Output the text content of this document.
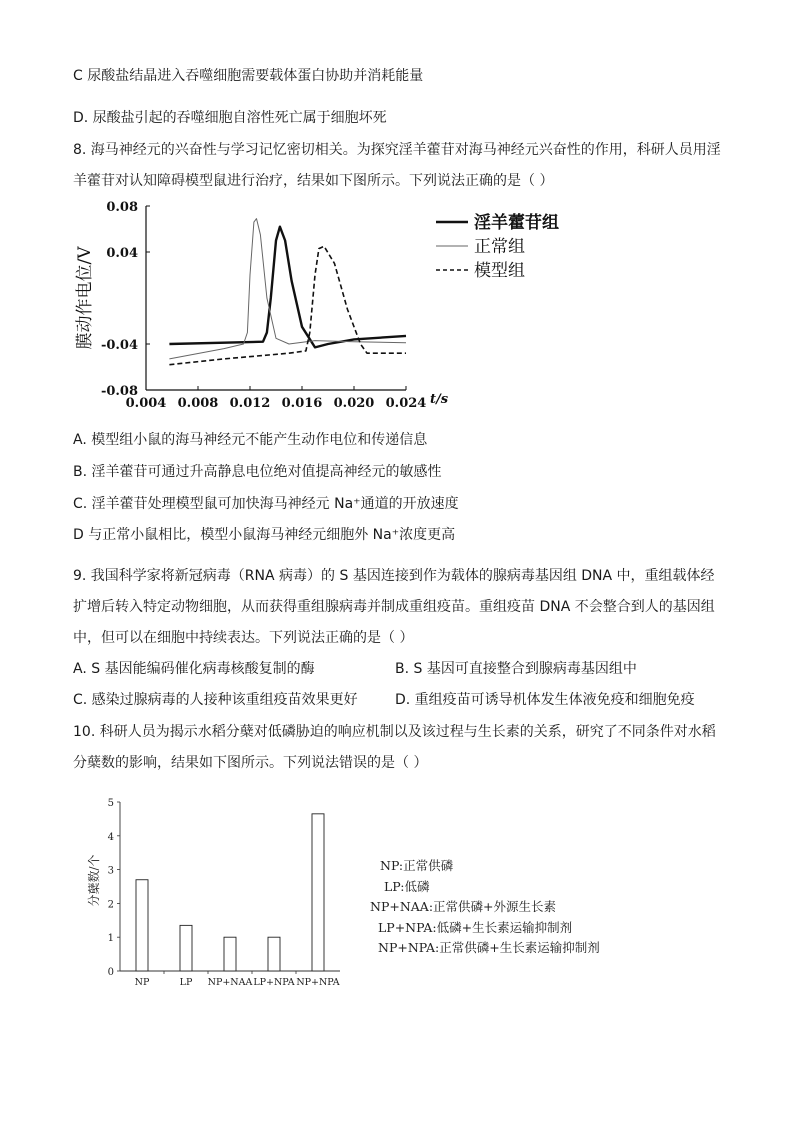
C 尿酸盐结晶进入吞噬细胞需要载体蛋白协助并消耗能量
D. 尿酸盐引起的吞噬细胞自溶性死亡属于细胞坏死
8. 海马神经元的兴奋性与学习记忆密切相关。为探究淫羊藿苷对海马神经元兴奋性的作用，科研人员用淫
羊藿苷对认知障碍模型鼠进行治疗，结果如下图所示。下列说法正确的是（ ）
0.004 0.008 0.012 0.016 0.020 0.024
0.08
0.04
-0.04
-0.08
膜动作电位/V
t/s
淫羊藿苷组
正常组
模型组
A. 模型组小鼠的海马神经元不能产生动作电位和传递信息
B. 淫羊藿苷可通过升高静息电位绝对值提高神经元的敏感性
C. 淫羊藿苷处理模型鼠可加快海马神经元 Na⁺通道的开放速度
D 与正常小鼠相比，模型小鼠海马神经元细胞外 Na⁺浓度更高
9. 我国科学家将新冠病毒（RNA 病毒）的 S 基因连接到作为载体的腺病毒基因组 DNA 中，重组载体经
扩增后转入特定动物细胞，从而获得重组腺病毒并制成重组疫苗。重组疫苗 DNA 不会整合到人的基因组
中，但可以在细胞中持续表达。下列说法正确的是（ ）
A. S 基因能编码催化病毒核酸复制的酶	B. S 基因可直接整合到腺病毒基因组中
C. 感染过腺病毒的人接种该重组疫苗效果更好	D. 重组疫苗可诱导机体发生体液免疫和细胞免疫
10. 科研人员为揭示水稻分蘖对低磷胁迫的响应机制以及该过程与生长素的关系，研究了不同条件对水稻
分蘖数的影响，结果如下图所示。下列说法错误的是（ ）
0
1
2
3
4
5
分蘖数/个
NP	LP NP+NAA LP+NPA NP+NPA
NP:正常供磷
LP:低磷
NP+NAA:正常供磷+外源生长素
LP+NPA:低磷+生长素运输抑制剂
NP+NPA:正常供磷+生长素运输抑制剂
